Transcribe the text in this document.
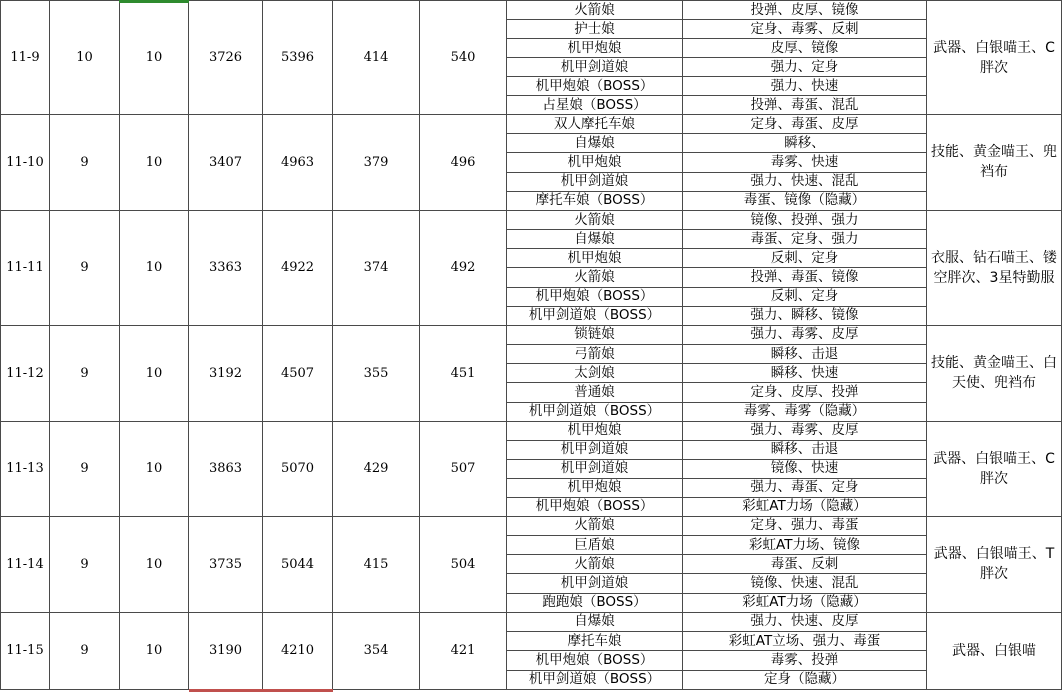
11-9	10	10	3726	5396	414	540	火箭娘	投弹、皮厚、镜像	武器、白银喵王、C胖次
							护士娘	定身、毒雾、反刺	
							机甲炮娘	皮厚、镜像	
							机甲剑道娘	强力、定身	
							机甲炮娘（BOSS）	强力、快速	
							占星娘（BOSS）	投弹、毒蛋、混乱	
11-10	9	10	3407	4963	379	496	双人摩托车娘	定身、毒蛋、皮厚	技能、黄金喵王、兜裆布
							自爆娘	瞬移、	
							机甲炮娘	毒雾、快速	
							机甲剑道娘	强力、快速、混乱	
							摩托车娘（BOSS）	毒蛋、镜像（隐藏）	
11-11	9	10	3363	4922	374	492	火箭娘	镜像、投弹、强力	衣服、钻石喵王、镂空胖次、3星特勤服
							自爆娘	毒蛋、定身、强力	
							机甲炮娘	反刺、定身	
							火箭娘	投弹、毒蛋、镜像	
							机甲炮娘（BOSS）	反刺、定身	
							机甲剑道娘（BOSS）	强力、瞬移、镜像	
11-12	9	10	3192	4507	355	451	锁链娘	强力、毒雾、皮厚	技能、黄金喵王、白天使、兜裆布
							弓箭娘	瞬移、击退	
							太剑娘	瞬移、快速	
							普通娘	定身、皮厚、投弹	
							机甲剑道娘（BOSS）	毒雾、毒雾（隐藏）	
11-13	9	10	3863	5070	429	507	机甲炮娘	强力、毒雾、皮厚	武器、白银喵王、C胖次
							机甲剑道娘	瞬移、击退	
							机甲剑道娘	镜像、快速	
							机甲炮娘	强力、毒蛋、定身	
							机甲炮娘（BOSS）	彩虹AT力场（隐藏）	
11-14	9	10	3735	5044	415	504	火箭娘	定身、强力、毒蛋	武器、白银喵王、T胖次
							巨盾娘	彩虹AT力场、镜像	
							火箭娘	毒蛋、反刺	
							机甲剑道娘	镜像、快速、混乱	
							跑跑娘（BOSS）	彩虹AT力场（隐藏）	
11-15	9	10	3190	4210	354	421	自爆娘	强力、快速、皮厚	武器、白银喵
							摩托车娘	彩虹AT立场、强力、毒蛋	
							机甲炮娘（BOSS）	毒雾、投弹	
							机甲剑道娘（BOSS）	定身（隐藏）	
